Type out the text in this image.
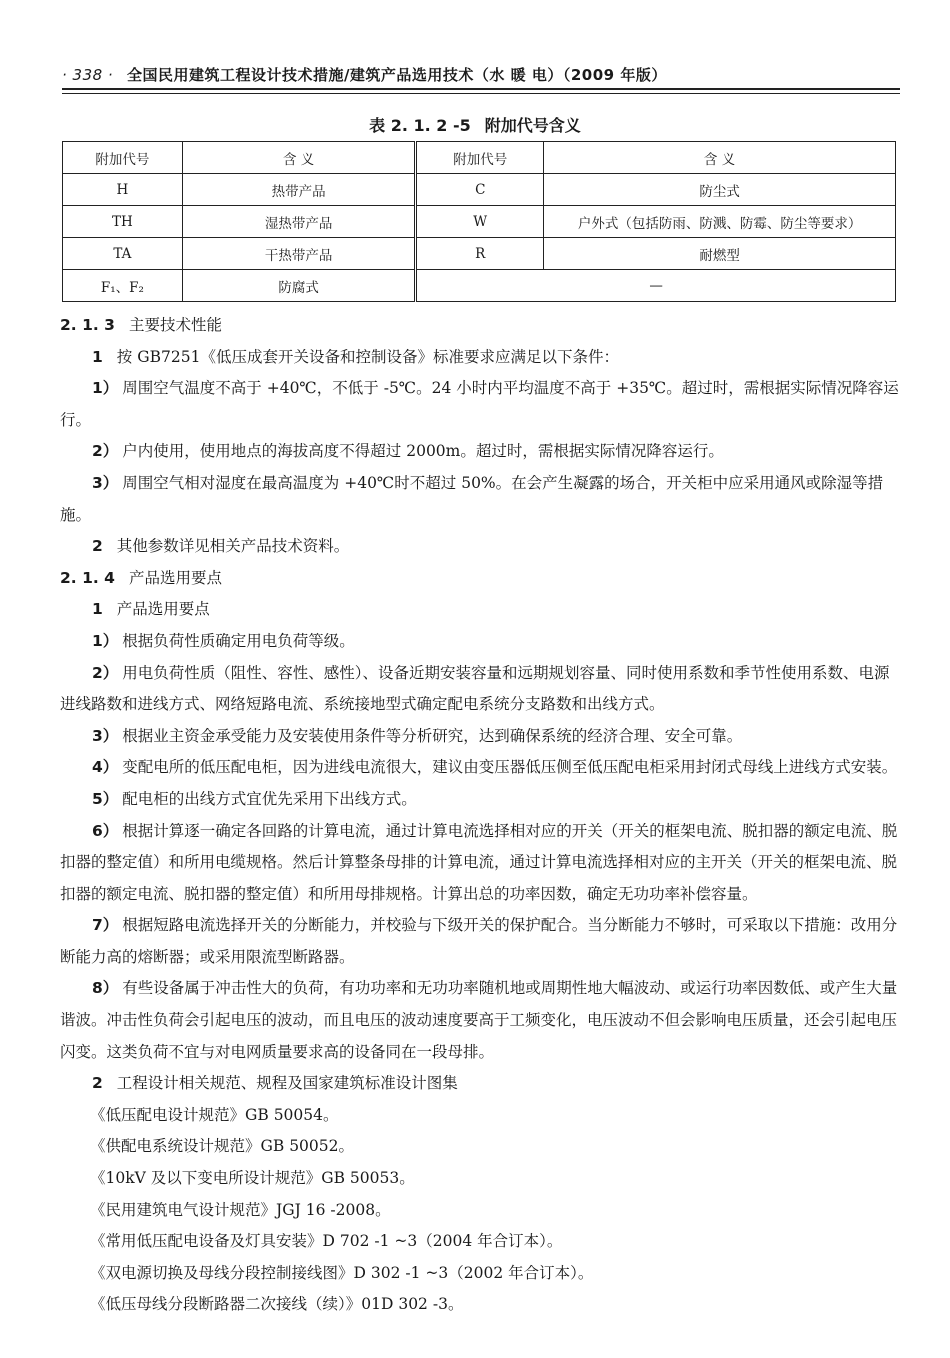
· 338 · 全国民用建筑工程设计技术措施/建筑产品选用技术（水 暖 电）（2009 年版）
表 2. 1. 2 -5 附加代号含义
附加代号	含 义	附加代号	含 义
H	热带产品	C	防尘式
TH	湿热带产品	W	户外式（包括防雨、防溅、防霉、防尘等要求）
TA	干热带产品	R	耐燃型
F₁、F₂	防腐式	—	

2. 1. 3 主要技术性能

1 按 GB7251《低压成套开关设备和控制设备》标准要求应满足以下条件：

1） 周围空气温度不高于 +40℃，不低于 -5℃。24 小时内平均温度不高于 +35℃。超过时，需根据实际情况降容运行。

2） 户内使用，使用地点的海拔高度不得超过 2000m。超过时，需根据实际情况降容运行。

3） 周围空气相对湿度在最高温度为 +40℃时不超过 50%。在会产生凝露的场合，开关柜中应采用通风或除湿等措施。

2 其他参数详见相关产品技术资料。

2. 1. 4 产品选用要点

1 产品选用要点

1） 根据负荷性质确定用电负荷等级。

2） 用电负荷性质（阻性、容性、感性）、设备近期安装容量和远期规划容量、同时使用系数和季节性使用系数、电源进线路数和进线方式、网络短路电流、系统接地型式确定配电系统分支路数和出线方式。

3） 根据业主资金承受能力及安装使用条件等分析研究，达到确保系统的经济合理、安全可靠。

4） 变配电所的低压配电柜，因为进线电流很大，建议由变压器低压侧至低压配电柜采用封闭式母线上进线方式安装。

5） 配电柜的出线方式宜优先采用下出线方式。

6） 根据计算逐一确定各回路的计算电流，通过计算电流选择相对应的开关（开关的框架电流、脱扣器的额定电流、脱扣器的整定值）和所用电缆规格。然后计算整条母排的计算电流，通过计算电流选择相对应的主开关（开关的框架电流、脱扣器的额定电流、脱扣器的整定值）和所用母排规格。计算出总的功率因数，确定无功功率补偿容量。

7） 根据短路电流选择开关的分断能力，并校验与下级开关的保护配合。当分断能力不够时，可采取以下措施：改用分断能力高的熔断器；或采用限流型断路器。

8） 有些设备属于冲击性大的负荷，有功功率和无功功率随机地或周期性地大幅波动、或运行功率因数低、或产生大量谐波。冲击性负荷会引起电压的波动，而且电压的波动速度要高于工频变化，电压波动不但会影响电压质量，还会引起电压闪变。这类负荷不宜与对电网质量要求高的设备同在一段母排。

2 工程设计相关规范、规程及国家建筑标准设计图集

《低压配电设计规范》GB 50054。

《供配电系统设计规范》GB 50052。

《10kV 及以下变电所设计规范》GB 50053。

《民用建筑电气设计规范》JGJ 16 -2008。

《常用低压配电设备及灯具安装》D 702 -1 ~3（2004 年合订本）。

《双电源切换及母线分段控制接线图》D 302 -1 ~3（2002 年合订本）。

《低压母线分段断路器二次接线（续）》01D 302 -3。
